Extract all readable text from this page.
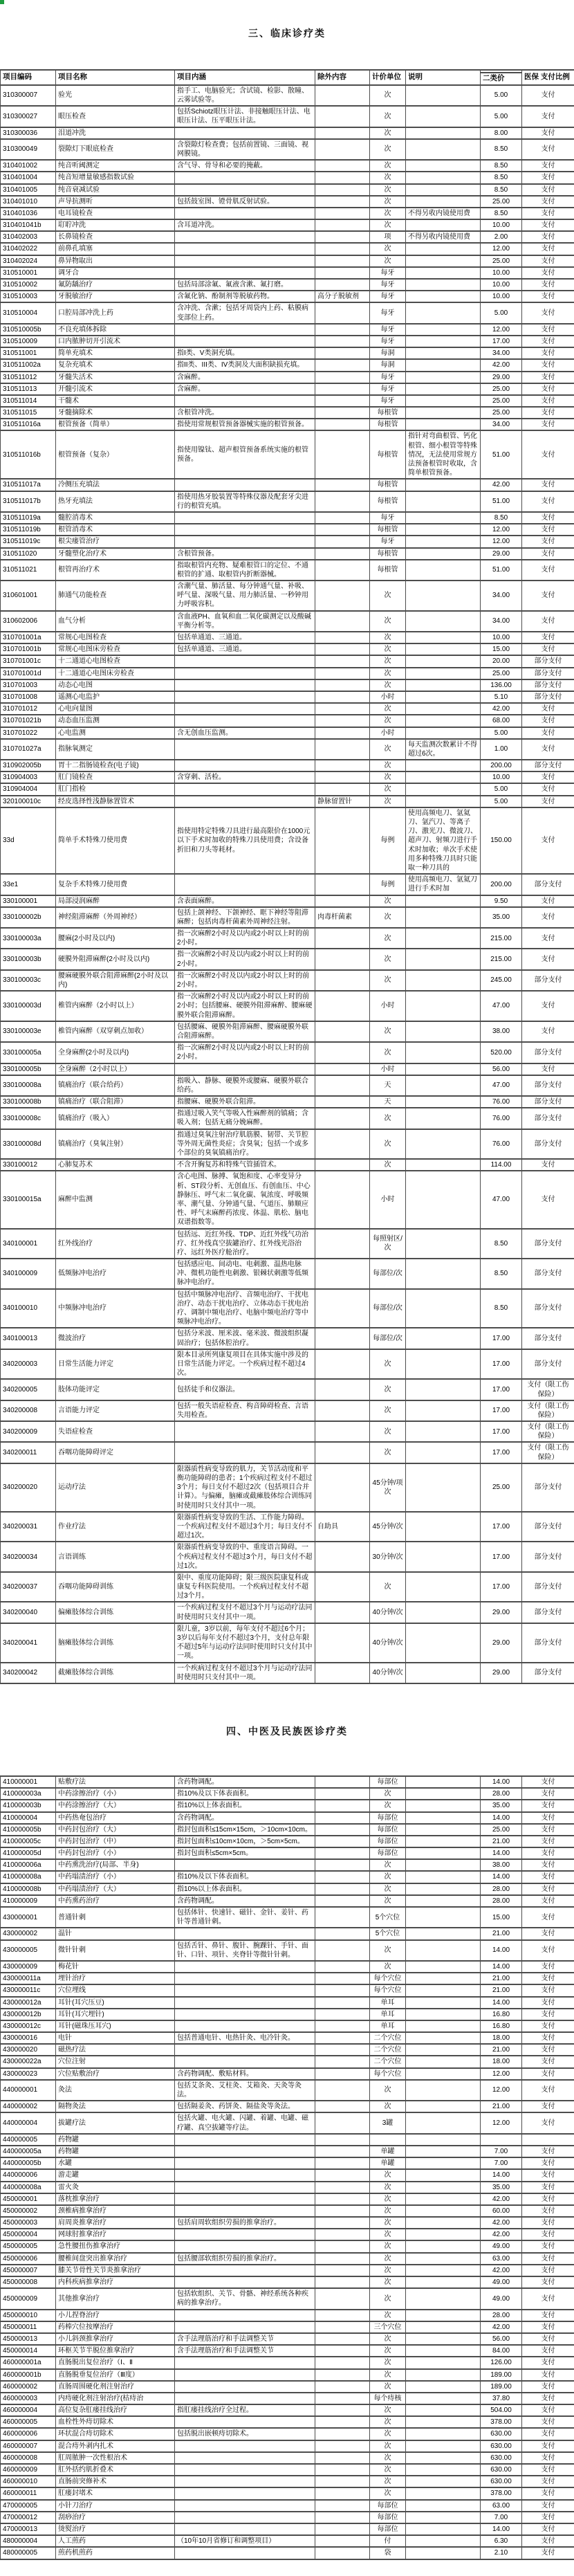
三、临床诊疗类
项目编码	项目名称	项目内涵	除外内容	计价单位	说明		医保 支付比例
						二类价	
310300007	验光	指手工、电脑验光；含试镜、检影、散瞳、云雾试验等。		次		5.00	支付
310300027	眼压检查	包括Schiotz眼压计法、非接触眼压计法、电眼压计法、压平眼压计法。		次		5.00	支付
310300036	泪道冲洗			次		8.00	支付
310300049	裂隙灯下眼底检查	含裂隙灯检查费；包括前置镜、三面镜、视网膜镜。		次		8.50	支付
310401002	纯音听阈测定	含气导、骨导和必要的掩蔽。		次		8.50	支付
310401004	纯音短增量敏感指数试验			次		8.50	支付
310401005	纯音衰减试验			次		8.50	支付
310401010	声导抗测听	包括鼓室图、镫骨肌反射试验。		次		25.00	支付
310401036	电耳镜检查			次	不得另收内镜使用费	8.50	支付
310401041b	耵聍冲洗	含耳道冲洗。		次		10.00	支付
310402003	长鼻镜检查			项	不得另收内镜使用费	2.00	支付
310402022	前鼻孔填塞			次		12.00	支付
310402024	鼻异物取出			次		25.00	支付
310510001	调牙合			每牙		10.00	支付
310510002	氟防龋治疗	包括局部涂氟、氟液含漱、氟打磨。		每牙		10.00	支付
310510003	牙脱敏治疗	含氟化钠、酚制剂等脱敏药物。	高分子脱敏剂	每牙		10.00	支付
310510004	口腔局部冲洗上药	含冲洗、含漱；包括牙周袋内上药、粘膜病变部位上药。		每牙		5.00	支付
310510005b	不良充填体拆除			每牙		12.00	支付
310510009	口内脓肿切开引流术			每牙		17.00	支付
310511001	简单充填术	指I类、V类洞充填。		每洞		34.00	支付
310511002a	复杂充填术	指II类、III类、IV类洞及大面积缺损充填。		每洞		42.00	支付
310511012	牙髓失活术	含麻醉。		每牙		29.00	支付
310511013	开髓引流术	含麻醉。		每牙		25.00	支付
310511014	干髓术			每牙		25.00	支付
310511015	牙髓摘除术	含根管冲洗。		每根管		25.00	支付
310511016a	根管预备（简单）	指使用常规根管预备器械实施的根管预备。		每根管		34.00	支付
310511016b	根管预备（复杂）	指使用镍钛、超声根管预备系统实施的根管预备。		每根管	指针对弯曲根管、钙化根管、细小根管等特殊情况，无法使用常规方法预备根管时收取，含简单根管预备。	51.00	支付
310511017a	冷侧压充填法			每根管		42.00	支付
310511017b	热牙充填法	指使用热牙胶装置等特殊仪器及配套牙尖进行的根管充填。		每根管		51.00	支付
310511019a	髓腔消毒术			每牙		8.50	支付
310511019b	根管消毒术			每根管		12.00	支付
310511019c	根尖瘘管治疗			每牙		12.00	支付
310511020	牙髓塑化治疗术	含根管预备。		每根管		29.00	支付
310511021	根管再治疗术	指取根管内充物、疑难根管口的定位、不通根管的扩通、取根管内折断器械。		每根管		51.00	支付
310601001	肺通气功能检查	含潮气量、肺活量、每分钟通气量、补吸、呼气量、深吸气量、用力肺活量、一秒钟用力呼吸容积。		次		34.00	支付
310602006	血气分析	含血液PH、血氧和血二氧化碳测定以及酸碱平衡分析等。		次		34.00	支付
310701001a	常规心电图检查	包括单通道、三通道。		次		10.00	支付
310701001b	常规心电图床旁检查	包括单通道、三通道。		次		15.00	支付
310701001c	十二通道心电图检查			次		20.00	部分支付
310701001d	十二通道心电图床旁检查			次		25.00	部分支付
310701003	动态心电图			次		136.00	部分支付
310701008	遥测心电监护			小时		5.10	部分支付
310701012	心电向量图			次		42.00	支付
310701021b	动态血压监测			次		68.00	支付
310701022	心电监测	含无创血压监测。		小时		5.00	支付
310701027a	指脉氧测定			次	每天监测次数累计不得超过6次。	1.00	支付
310902005b	胃十二指肠镜检查(电子镜)			次		200.00	部分支付
310904003	肛门镜检查	含穿刺、活检。		次		10.00	支付
310904004	肛门指检			次		5.00	支付
320100010c	经皮选择性浅静脉置管术		静脉留置针	次		5.00	支付
33d	简单手术特殊刀使用费	指使用特定特殊刀具进行最高限价在1000元以下手术时加收的特殊刀具使用费；含设备折旧和刀头等耗材。		每例	使用高频电刀、氩氦刀、氩汽刀、等离子刀、激光刀、微波刀、超声刀、射频刀进行手术时加收；单次手术使用多种特殊刀具时只能取一种刀具的	150.00	支付
33e1	复杂手术特殊刀使用费			每例	使用高频电刀、氩氦刀进行手术时加	200.00	部分支付
330100001	局部浸润麻醉	含表面麻醉。		次		9.50	支付
330100002b	神经阻滞麻醉（外周神经）	包括上颌神经、下颌神经、眶下神经等阻滞麻醉；包括肉毒杆菌素外周神经注射。	肉毒杆菌素	次		35.00	支付
330100003a	腰麻(2小时及以内)	指一次麻醉2小时及以内或2小时以上时的前2小时。		次		215.00	支付
330100003b	硬膜外阻滞麻醉(2小时及以内)	指一次麻醉2小时及以内或2小时以上时的前2小时。		次		215.00	支付
330100003c	腰麻硬膜外联合阻滞麻醉(2小时及以内)	指一次麻醉2小时及以内或2小时以上时的前2小时。		次		245.00	部分支付
330100003d	椎管内麻醉（2小时以上）	指一次麻醉2小时及以内或2小时以上时的前2小时；包括腰麻、硬膜外阻滞麻醉、腰麻硬膜外联合阻滞麻醉。		小时		47.00	支付
330100003e	椎管内麻醉（双穿刺点加收）	包括腰麻、硬膜外阻滞麻醉、腰麻硬膜外联合阻滞麻醉。		次		38.00	支付
330100005a	全身麻醉(2小时及以内)	指一次麻醉2小时及以内或2小时以上时的前2小时。		次		520.00	部分支付
330100005b	全身麻醉（2小时以上）			小时		56.00	支付
330100008a	镇痛治疗（联合给药）	指吸入、静脉、硬膜外或腰麻、硬膜外联合给药。		天		47.00	部分支付
330100008b	镇痛治疗（联合阻滞）	指腰麻、硬膜外联合阻滞。		天		76.00	部分支付
330100008c	镇痛治疗（吸入）	指通过吸入笑气等吸入性麻醉剂的镇痛；含吸入剂；包括无痛分娩麻醉。		次		76.00	部分支付
330100008d	镇痛治疗（臭氧注射）	指通过臭氧注射治疗肌筋膜、韧带、关节腔等外周无菌性炎症；含臭氧；包括一个或多个部位的臭氧镇痛治疗。		次		76.00	部分支付
330100012	心肺复苏术	不含开胸复苏和特殊气管插管术。		次		114.00	支付
330100015a	麻醉中监测	含心电图、脉搏、氧饱和度、心率变异分析、ST段分析、无创血压、有创血压、中心静脉压、呼气末二氧化碳、氧浓度、呼吸频率、潮气量、分钟通气量、气道压、肺顺应性、呼气末麻醉药浓度、体温、肌松、脑电双谱指数等。		小时		47.00	支付
340100001	红外线治疗	包括远、近红外线、TDP、近红外线气功治疗、红外线真空拔罐治疗、红外线光浴治疗、远红外医疗舱治疗。		每照射区/次		8.50	部分支付
340100009	低频脉冲电治疗	包括感应电、间动电、电刺激、温热电脉冲、微机功能性电刺激、银棘状刺激等低频脉冲电治疗。		每部位/次		8.50	部分支付
340100010	中频脉冲电治疗	包括中频脉冲电治疗、音频电治疗、干扰电治疗、动态干扰电治疗、立体动态干扰电治疗、调制中频电治疗、电脑中频电治疗等中频脉冲电治疗。		每部位/次		8.50	部分支付
340100013	微波治疗	包括分米波、厘米波、毫米波、微波组织凝固治疗；包括体腔治疗。		每部位/次		17.00	部分支付
340200003	日常生活能力评定	限本目录所列康复项目在具体实施中涉及的日常生活能力评定。一个疾病过程不超过4次。		次		17.00	部分支付
340200005	肢体功能评定	包括徒手和仪器法。		次		17.00	支付（限工伤保险）
340200008	言语能力评定	包括一般失语症检查、构音障碍检查、言语失用检查。		次		17.00	支付（限工伤保险）
340200009	失语症检查			次		17.00	支付（限工伤保险）
340200011	吞咽功能障碍评定			次		17.00	支付（限工伤保险）
340200020	运动疗法	限器质性病变导致的肌力，关节活动度和平衡功能障碍的患者；1个疾病过程支付不超过3个月；每日支付不超过2次（包括项目合并计算）。与偏瘫，脑瘫或截瘫肢体综合训练同时使用时只支付其中一项。		45分钟/项次		25.00	部分支付
340200031	作业疗法	限器质性病变导致的生活、工作能力障碍。一个疾病过程支付不超过3个月；每日支付不超过1次。	自助具	45分钟/次		17.00	部分支付
340200034	言语训练	限器质性病变导致的中、重度语言障碍。一个疾病过程支付不超过3个月，每日支付不超过1次。		30分钟/次		17.00	部分支付
340200037	吞咽功能障碍训练	限中、重度功能障碍；限三级医院康复科或康复专科医院使用。一个疾病过程支付不超过3个月。		次		17.00	部分支付
340200040	偏瘫肢体综合训练	一个疾病过程支付不超过3个月与运动疗法同时使用时只支付其中一项。		40分钟/次		29.00	部分支付
340200041	脑瘫肢体综合训练	限儿童，3岁以前，每年支付不超过6个月；3岁以后每年支付不超过3个月，支付总年限不超过5年与运动疗法同时使用时只支付其中一项。		40分钟/次		29.00	部分支付
340200042	截瘫肢体综合训练	一个疾病过程支付不超过3个月与运动疗法同时使用时只支付其中一项。		40分钟/次		29.00	部分支付
四、中医及民族医诊疗类
410000001	贴敷疗法	含药物调配。		每部位		14.00	支付
410000003a	中药涂擦治疗（小）	指10%及以下体表面积。		次		28.00	支付
410000003b	中药涂擦治疗（大）	指10%以上体表面积。		次		35.00	支付
410000004	中药热奄包治疗	含药物调配。		每部位		14.00	支付
410000005b	中药封包治疗（大）	指封包面积≤15cm×15cm，＞10cm×10cm。		每部位		25.00	支付
410000005c	中药封包治疗（中）	指封包面积≤10cm×10cm，＞5cm×5cm。		每部位		21.00	支付
410000005d	中药封包治疗（小）	指封包面积≤5cm×5cm。		每部位		14.00	支付
410000006a	中药熏洗治疗(局部、半身)			次		38.00	支付
410000008a	中药塌渍治疗（小）	指10%及以下体表面积。		次		14.00	支付
410000008b	中药塌渍治疗（大）	指10%以上体表面积。		次		28.00	支付
410000009	中药熏药治疗	含药物调配。		次		28.00	支付
430000001	普通针刺	包括体针、快速针、磁针、金针、姜针、药针等普通针刺。		5个穴位		15.00	支付
430000002	温针			5个穴位		21.00	支付
430000005	微针针刺	包括舌针、鼻针、腹针、腕踝针、手针、面针、口针、项针、夹脊针等微针针刺。		次		14.00	支付
430000009	梅花针			次		14.00	支付
430000011a	埋针治疗			每个穴位		21.00	支付
430000011c	穴位埋线			每个穴位		21.00	支付
430000012a	耳针(耳穴压豆)			单耳		14.00	支付
430000012b	耳针(耳穴埋针)			单耳		16.80	支付
430000012c	耳针(磁珠压耳穴)			单耳		16.80	支付
430000016	电针	包括普通电针、电热针灸、电冷针灸。		二个穴位		18.00	支付
430000020	磁热疗法			二个穴位		21.00	支付
430000022a	穴位注射			二个穴位		18.00	支付
430000023	穴位贴敷治疗	含药物调配、敷贴材料。		每个穴位		12.00	支付
440000001	灸法	包括艾条灸、艾柱灸、艾箱灸、天灸等灸法。		次		12.00	支付
440000002	隔物灸法	包括隔姜灸、药饼灸、隔盐灸等灸法。		次		21.00	支付
440000004	拔罐疗法	包括火罐、电火罐、闪罐、着罐、电罐、磁疗罐、真空拔罐等疗法。		3罐		12.00	支付
440000005	药物罐						
440000005a	药物罐			单罐		7.00	支付
440000005b	水罐			单罐		7.00	支付
440000006	游走罐			次		14.00	支付
440000008a	雷火灸			次		35.00	支付
450000001	落枕推拿治疗			次		42.00	支付
450000002	颈椎病推拿治疗			次		60.00	支付
450000003	肩周炎推拿治疗	包括肩周软组织劳损的推拿治疗。		次		42.00	支付
450000004	网球肘推拿治疗			次		42.00	支付
450000005	急性腰扭伤推拿治疗			次		49.00	支付
450000006	腰椎间盘突出推拿治疗	包括腰部软组织劳损的推拿治疗。		次		63.00	支付
450000007	膝关节骨性关节炎推拿治疗			次		42.00	支付
450000008	内科疾病推拿治疗			次		49.00	支付
450000009	其他推拿治疗	包括软组织、关节、骨骼、神经系统各种疾病的推拿治疗。		次		49.00	支付
450000010	小儿捏脊治疗			次		28.00	支付
450000011	药棒穴位按摩治疗			三个穴位		42.00	支付
450000013	小儿斜颈推拿治疗	含手法理筋治疗和手法调整关节		次		56.00	支付
450000014	环枢关节半脱位推拿治疗	含手法理筋治疗和手法调整关节		次		84.00	支付
460000001a	直肠脱出复位治疗（Ⅰ、Ⅱ			次		126.00	支付
460000001b	直肠脱垂复位治疗（Ⅲ度）			次		189.00	支付
460000002	直肠周围硬化剂注射治疗			次		189.00	支付
460000003	内痔硬化剂注射治疗(枯痔治			每个痔核		37.80	支付
460000004	高位复杂肛瘘挂线治疗	指肛瘘挂线治疗全过程。		次		504.00	支付
460000005	血栓性外痔切除术			次		378.00	支付
460000006	环状混合痔切除术	包括脱出嵌顿痔切除术。		次		630.00	支付
460000007	混合痔外剥内扎术			次		630.00	支付
460000008	肛周脓肿一次性根治术			次		630.00	支付
460000009	肛外括约肌折叠术			次		630.00	支付
460000010	直肠前突修补术			次		630.00	支付
460000011	肛瘘封堵术			次		378.00	支付
470000005	小针刀治疗			每部位		63.00	支付
470000012	刮痧治疗			每部位		7.00	支付
470000013	烫熨治疗			每部位		14.00	支付
480000004	人工煎药	（10年10月省修订和调整项目）		付		6.30	支付
480000005	煎药机煎药			袋		2.10	支付
